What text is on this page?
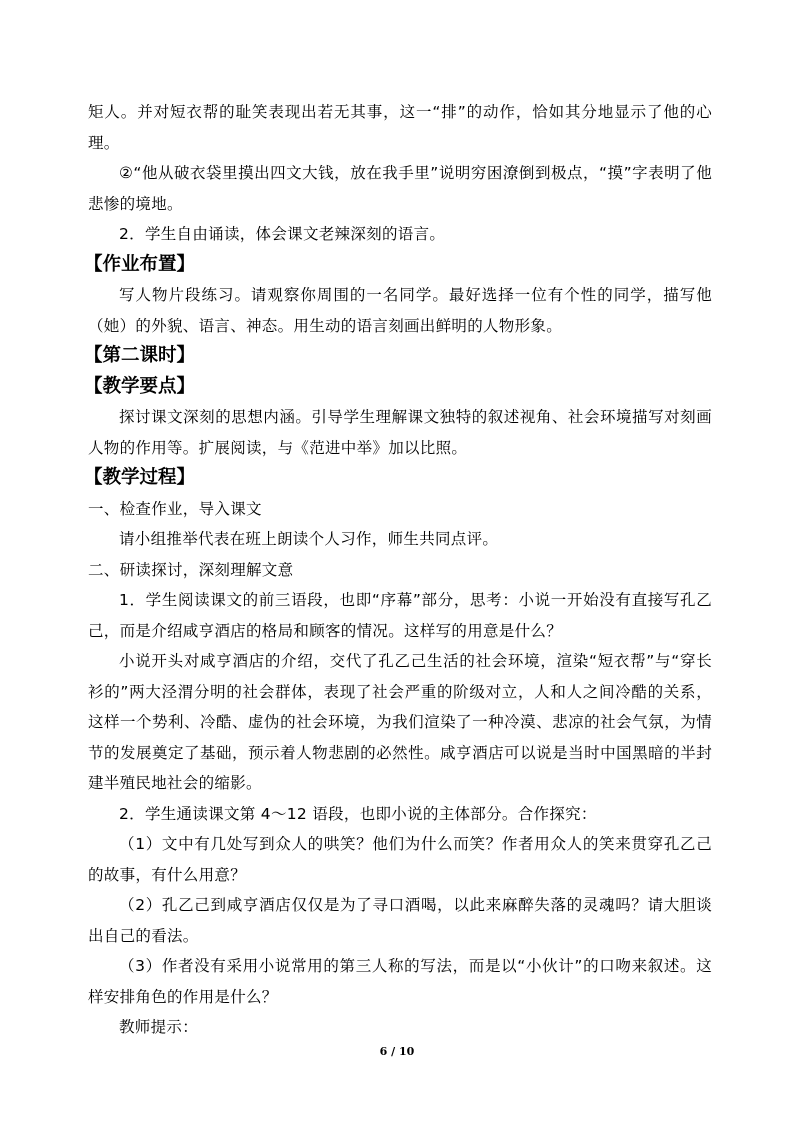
矩人。并对短衣帮的耻笑表现出若无其事，这一“排”的动作，恰如其分地显示了他的心理。

②“他从破衣袋里摸出四文大钱，放在我手里”说明穷困潦倒到极点，“摸”字表明了他悲惨的境地。

2．学生自由诵读，体会课文老辣深刻的语言。

【作业布置】

写人物片段练习。请观察你周围的一名同学。最好选择一位有个性的同学，描写他（她）的外貌、语言、神态。用生动的语言刻画出鲜明的人物形象。

【第二课时】

【教学要点】

探讨课文深刻的思想内涵。引导学生理解课文独特的叙述视角、社会环境描写对刻画人物的作用等。扩展阅读，与《范进中举》加以比照。

【教学过程】

一、检查作业，导入课文

请小组推举代表在班上朗读个人习作，师生共同点评。

二、研读探讨，深刻理解文意

1．学生阅读课文的前三语段，也即“序幕”部分，思考：小说一开始没有直接写孔乙己，而是介绍咸亨酒店的格局和顾客的情况。这样写的用意是什么？

小说开头对咸亨酒店的介绍，交代了孔乙己生活的社会环境，渲染“短衣帮”与“穿长衫的”两大泾渭分明的社会群体，表现了社会严重的阶级对立，人和人之间冷酷的关系，这样一个势利、冷酷、虚伪的社会环境，为我们渲染了一种冷漠、悲凉的社会气氛，为情节的发展奠定了基础，预示着人物悲剧的必然性。咸亨酒店可以说是当时中国黑暗的半封建半殖民地社会的缩影。

2．学生通读课文第 4～12 语段，也即小说的主体部分。合作探究：

（1）文中有几处写到众人的哄笑？他们为什么而笑？作者用众人的笑来贯穿孔乙己的故事，有什么用意？

（2）孔乙己到咸亨酒店仅仅是为了寻口酒喝，以此来麻醉失落的灵魂吗？请大胆谈出自己的看法。

（3）作者没有采用小说常用的第三人称的写法，而是以“小伙计”的口吻来叙述。这样安排角色的作用是什么？

教师提示：

6 / 10
